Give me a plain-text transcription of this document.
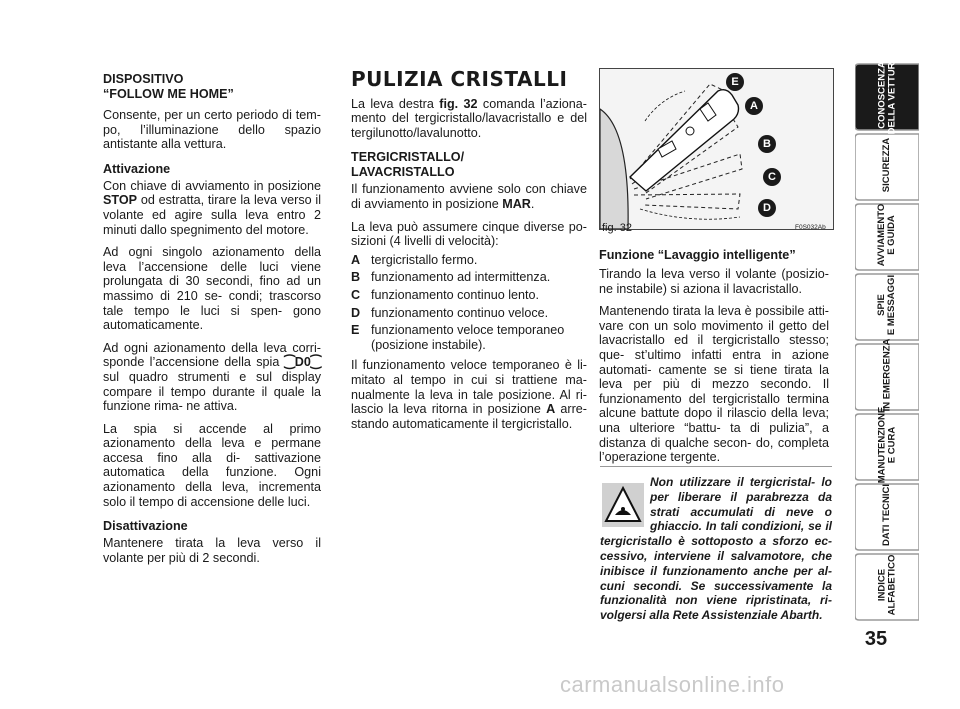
DISPOSITIVO
“FOLLOW ME HOME”

Consente, per un certo periodo di tem- po, l’illuminazione dello spazio antistante alla vettura.

Attivazione

Con chiave di avviamento in posizione STOP od estratta, tirare la leva verso il volante ed agire sulla leva entro 2 minuti dallo spegnimento del motore.

Ad ogni singolo azionamento della leva l’accensione delle luci viene prolungata di 30 secondi, fino ad un massimo di 210 se- condi; trascorso tale tempo le luci si spen- gono automaticamente.

Ad ogni azionamento della leva corri- sponde l’accensione della spia ⁐D0⁐ sul quadro strumenti e sul display compare il tempo durante il quale la funzione rima- ne attiva.

La spia si accende al primo azionamento della leva e permane accesa fino alla di- sattivazione automatica della funzione. Ogni azionamento della leva, incrementa solo il tempo di accensione delle luci.

Disattivazione

Mantenere tirata la leva verso il volante per più di 2 secondi.

PULIZIA CRISTALLI

La leva destra fig. 32 comanda l’aziona- mento del tergicristallo/lavacristallo e del tergilunotto/lavalunotto.

TERGICRISTALLO/
LAVACRISTALLO

Il funzionamento avviene solo con chiave di avviamento in posizione MAR.

La leva può assumere cinque diverse po- sizioni (4 livelli di velocità):

A tergicristallo fermo.
B funzionamento ad intermittenza.
C funzionamento continuo lento.
D funzionamento continuo veloce.
E funzionamento veloce temporaneo (posizione instabile).

Il funzionamento veloce temporaneo è li- mitato al tempo in cui si trattiene ma- nualmente la leva in tale posizione. Al ri- lascio la leva ritorna in posizione A arre- stando automaticamente il tergicristallo.

E
A
B
C
D
fig. 32	F0S032Ab
Funzione “Lavaggio intelligente”

Tirando la leva verso il volante (posizio- ne instabile) si aziona il lavacristallo.

Mantenendo tirata la leva è possibile atti- vare con un solo movimento il getto del lavacristallo ed il tergicristallo stesso; que- st’ultimo infatti entra in azione automati- camente se si tiene tirata la leva per più di mezzo secondo. Il funzionamento del tergicristallo termina alcune battute dopo il rilascio della leva; una ulteriore “battu- ta di pulizia”, a distanza di qualche secon- do, completa l’operazione tergente.

Non utilizzare il tergicristal- lo per liberare il parabrezza da strati accumulati di neve o ghiaccio. In tali condizioni, se il tergicristallo è sottoposto a sforzo ec- cessivo, interviene il salvamotore, che inibisce il funzionamento anche per al- cuni secondi. Se successivamente la funzionalità non viene ripristinata, ri- volgersi alla Rete Assistenziale Abarth.
CONOSCENZA
DELLA VETTURA
SICUREZZA

AVVIAMENTO
E GUIDA
SPIE
E MESSAGGI
IN EMERGENZA

MANUTENZIONE
E CURA
DATI TECNICI

INDICE
ALFABETICO
35
carmanualsonline.info
